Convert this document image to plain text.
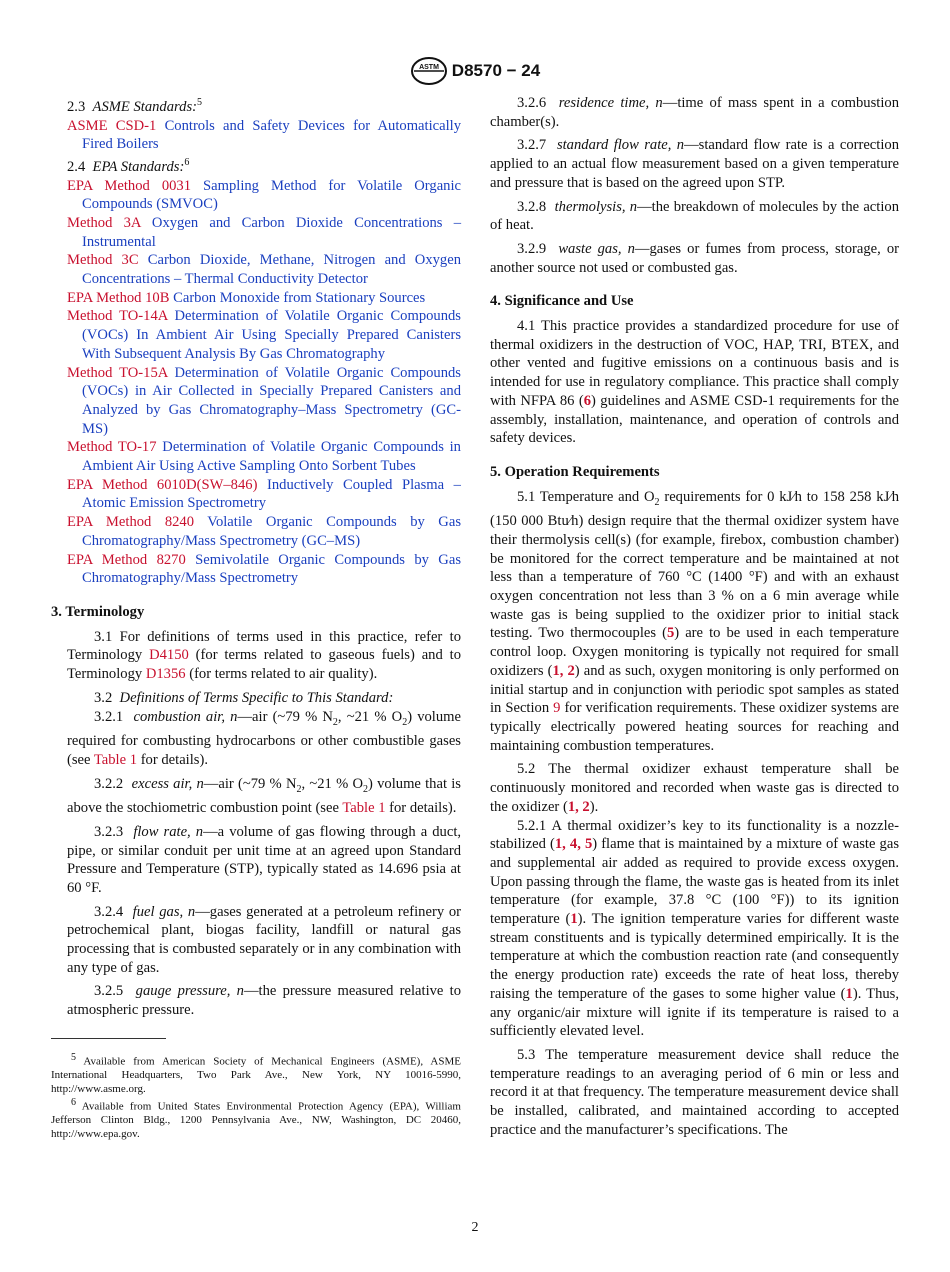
ASTM D8570 − 24

2.3 ASME Standards:$^5$

ASME CSD-1 Controls and Safety Devices for Automatically Fired Boilers

2.4 EPA Standards:$^6$

EPA Method 0031 Sampling Method for Volatile Organic Compounds (SMVOC)

Method 3A Oxygen and Carbon Dioxide Concentrations – Instrumental

Method 3C Carbon Dioxide, Methane, Nitrogen and Oxygen Concentrations – Thermal Conductivity Detector

EPA Method 10B Carbon Monoxide from Stationary Sources

Method TO-14A Determination of Volatile Organic Compounds (VOCs) In Ambient Air Using Specially Prepared Canisters With Subsequent Analysis By Gas Chromatography

Method TO-15A Determination of Volatile Organic Compounds (VOCs) in Air Collected in Specially Prepared Canisters and Analyzed by Gas Chromatography–Mass Spectrometry (GC-MS)

Method TO-17 Determination of Volatile Organic Compounds in Ambient Air Using Active Sampling Onto Sorbent Tubes

EPA Method 6010D(SW–846) Inductively Coupled Plasma – Atomic Emission Spectrometry

EPA Method 8240 Volatile Organic Compounds by Gas Chromatography/Mass Spectrometry (GC–MS)

EPA Method 8270 Semivolatile Organic Compounds by Gas Chromatography/Mass Spectrometry

3. Terminology

3.1 For definitions of terms used in this practice, refer to Terminology D4150 (for terms related to gaseous fuels) and to Terminology D1356 (for terms related to air quality).

3.2 Definitions of Terms Specific to This Standard:

3.2.1 combustion air, n—air (~79 % $N_2$, ~21 % $O_2$) volume required for combusting hydrocarbons or other combustible gases (see Table 1 for details).

3.2.2 excess air, n—air (~79 % $N_2$, ~21 % $O_2$) volume that is above the stochiometric combustion point (see Table 1 for details).

3.2.3 flow rate, n—a volume of gas flowing through a duct, pipe, or similar conduit per unit time at an agreed upon Standard Pressure and Temperature (STP), typically stated as 14.696 psia at 60 °F.

3.2.4 fuel gas, n—gases generated at a petroleum refinery or petrochemical plant, biogas facility, landfill or natural gas processing that is combusted separately or in any combination with any type of gas.

3.2.5 gauge pressure, n—the pressure measured relative to atmospheric pressure.

$^5$ Available from American Society of Mechanical Engineers (ASME), ASME International Headquarters, Two Park Ave., New York, NY 10016-5990, http://www.asme.org.

$^6$ Available from United States Environmental Protection Agency (EPA), William Jefferson Clinton Bldg., 1200 Pennsylvania Ave., NW, Washington, DC 20460, http://www.epa.gov.

3.2.6 residence time, n—time of mass spent in a combustion chamber(s).

3.2.7 standard flow rate, n—standard flow rate is a correction applied to an actual flow measurement based on a given temperature and pressure that is based on the agreed upon STP.

3.2.8 thermolysis, n—the breakdown of molecules by the action of heat.

3.2.9 waste gas, n—gases or fumes from process, storage, or another source not used or combusted gas.

4. Significance and Use

4.1 This practice provides a standardized procedure for use of thermal oxidizers in the destruction of VOC, HAP, TRI, BTEX, and other vented and fugitive emissions on a continuous basis and is intended for use in regulatory compliance. This practice shall comply with NFPA 86 (6) guidelines and ASME CSD-1 requirements for the assembly, installation, maintenance, and operation of controls and safety devices.

5. Operation Requirements

5.1 Temperature and $O_2$ requirements for 0 kJ⁄h to 158 258 kJ⁄h (150 000 Btu⁄h) design require that the thermal oxidizer system have their thermolysis cell(s) (for example, firebox, combustion chamber) be monitored for the correct temperature and be maintained at not less than a temperature of 760 °C (1400 °F) and with an exhaust oxygen concentration not less than 3 % on a 6 min average while waste gas is being supplied to the oxidizer prior to initial stack testing. Two thermocouples (5) are to be used in each temperature control loop. Oxygen monitoring is typically not required for small oxidizers (1, 2) and as such, oxygen monitoring is only performed on initial startup and in conjunction with periodic spot samples as stated in Section 9 for verification requirements. These oxidizer systems are typically electrically powered heating sources for reaching and maintaining combustion temperatures.

5.2 The thermal oxidizer exhaust temperature shall be continuously monitored and recorded when waste gas is directed to the oxidizer (1, 2).

5.2.1 A thermal oxidizer’s key to its functionality is a nozzle-stabilized (1, 4, 5) flame that is maintained by a mixture of waste gas and supplemental air added as required to provide excess oxygen. Upon passing through the flame, the waste gas is heated from its inlet temperature (for example, 37.8 °C (100 °F)) to its ignition temperature (1). The ignition temperature varies for different waste stream constituents and is typically determined empirically. It is the temperature at which the combustion reaction rate (and consequently the energy production rate) exceeds the rate of heat loss, thereby raising the temperature of the gases to some higher value (1). Thus, any organic/air mixture will ignite if its temperature is raised to a sufficiently elevated level.

5.3 The temperature measurement device shall reduce the temperature readings to an averaging period of 6 min or less and record it at that frequency. The temperature measurement device shall be installed, calibrated, and maintained according to accepted practice and the manufacturer’s specifications. The

2
